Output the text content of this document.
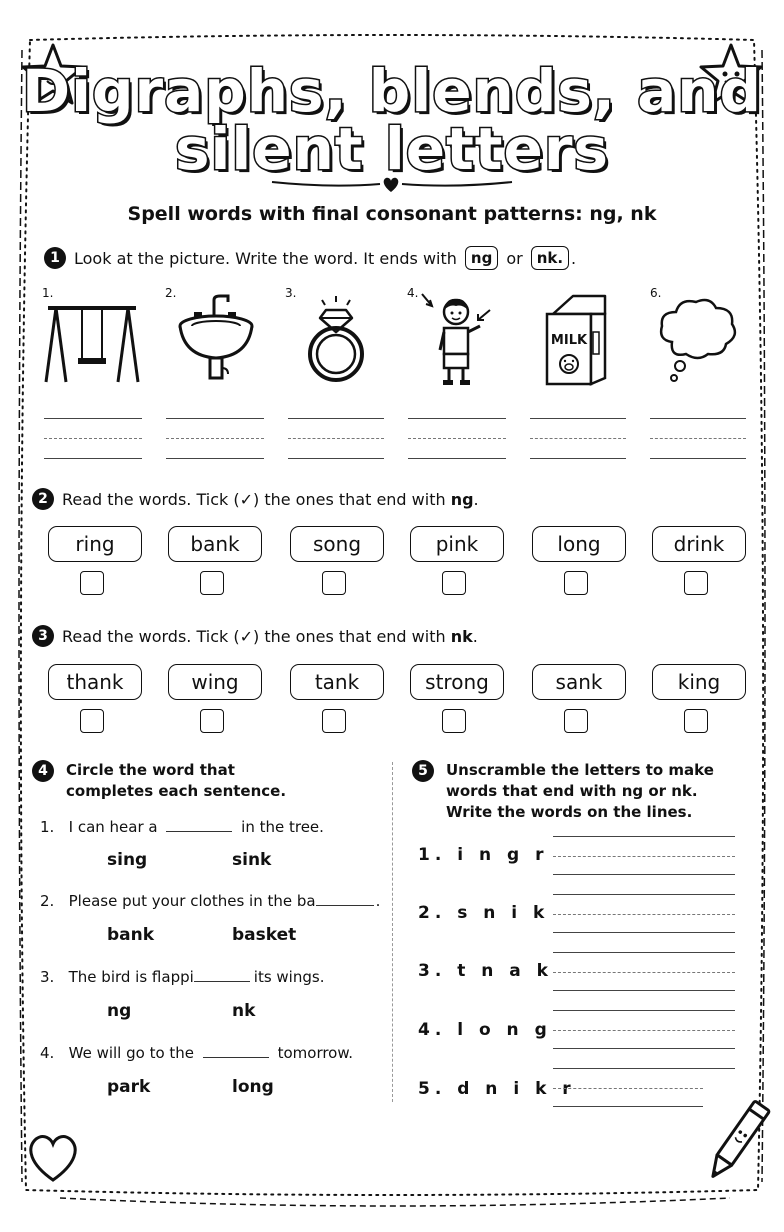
Digraphs, blends, and
silent letters
Spell words with final consonant patterns: ng, nk
1 Look at the picture. Write the word. It ends with ng or nk. .
1.	2.	3.	4.	6.
MILK
2 Read the words. Tick (✓) the ones that end with ng.
ring	bank	song	pink	long	drink
3 Read the words. Tick (✓) the ones that end with nk.
thank	wing	tank	strong	sank	king
4	Circle the word that
completes each sentence.
1. I can hear a	in the tree.
sing	sink
2. Please put your clothes in the ba	.
bank	basket
3. The bird is flappi	its wings.
ng	nk
4. We will go to the	tomorrow.
park	long
5	Unscramble the letters to make
words that end with ng or nk.
Write the words on the lines.
1. i n g r
2. s n i k
3. t n a k
4. l o n g
5. d n i k r
